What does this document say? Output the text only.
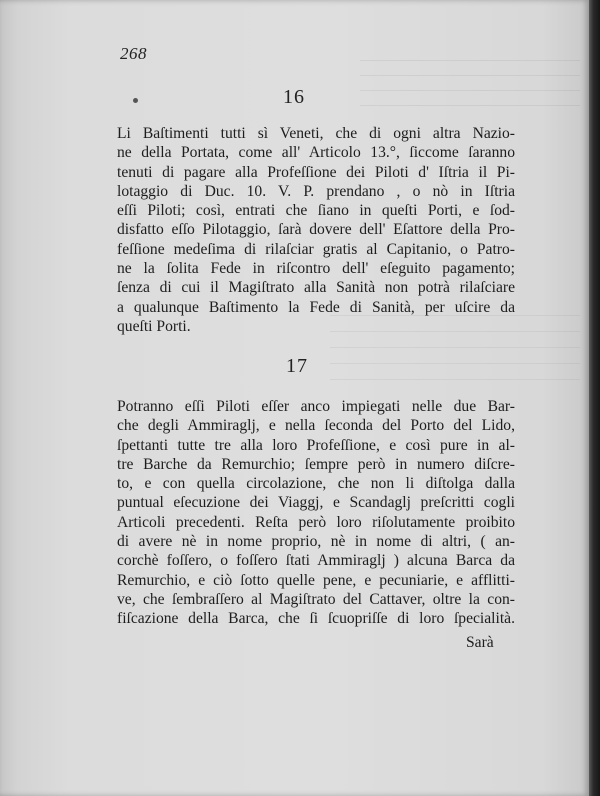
268
16
Li Baſtimenti tutti sì Veneti, che di ogni altra Nazio-
ne della Portata, come all' Articolo 13.°, ſiccome ſaranno
tenuti di pagare alla Profeſſione dei Piloti d' Iſtria il Pi-
lotaggio di Duc. 10. V. P. prendano , o nò in Iſtria
eſſi Piloti; così, entrati che ſiano in queſti Porti, e ſod-
disfatto eſſo Pilotaggio, ſarà dovere dell' Eſattore della Pro-
feſſione medeſima di rilaſciar gratis al Capitanio, o Patro-
ne la ſolita Fede in riſcontro dell' eſeguito pagamento;
ſenza di cui il Magiſtrato alla Sanità non potrà rilaſciare
a qualunque Baſtimento la Fede di Sanità, per uſcire da
queſti Porti.
17
Potranno eſſi Piloti eſſer anco impiegati nelle due Bar-
che degli Ammiraglj, e nella ſeconda del Porto del Lido,
ſpettanti tutte tre alla loro Profeſſione, e così pure in al-
tre Barche da Remurchio; ſempre però in numero diſcre-
to, e con quella circolazione, che non li diſtolga dalla
puntual eſecuzione dei Viaggj, e Scandaglj preſcritti cogli
Articoli precedenti. Reſta però loro riſolutamente proibito
di avere nè in nome proprio, nè in nome di altri, ( an-
corchè foſſero, o foſſero ſtati Ammiraglj ) alcuna Barca da
Remurchio, e ciò ſotto quelle pene, e pecuniarie, e afflitti-
ve, che ſembraſſero al Magiſtrato del Cattaver, oltre la con-
fiſcazione della Barca, che ſi ſcuopriſſe di loro ſpecialità.
Sarà
